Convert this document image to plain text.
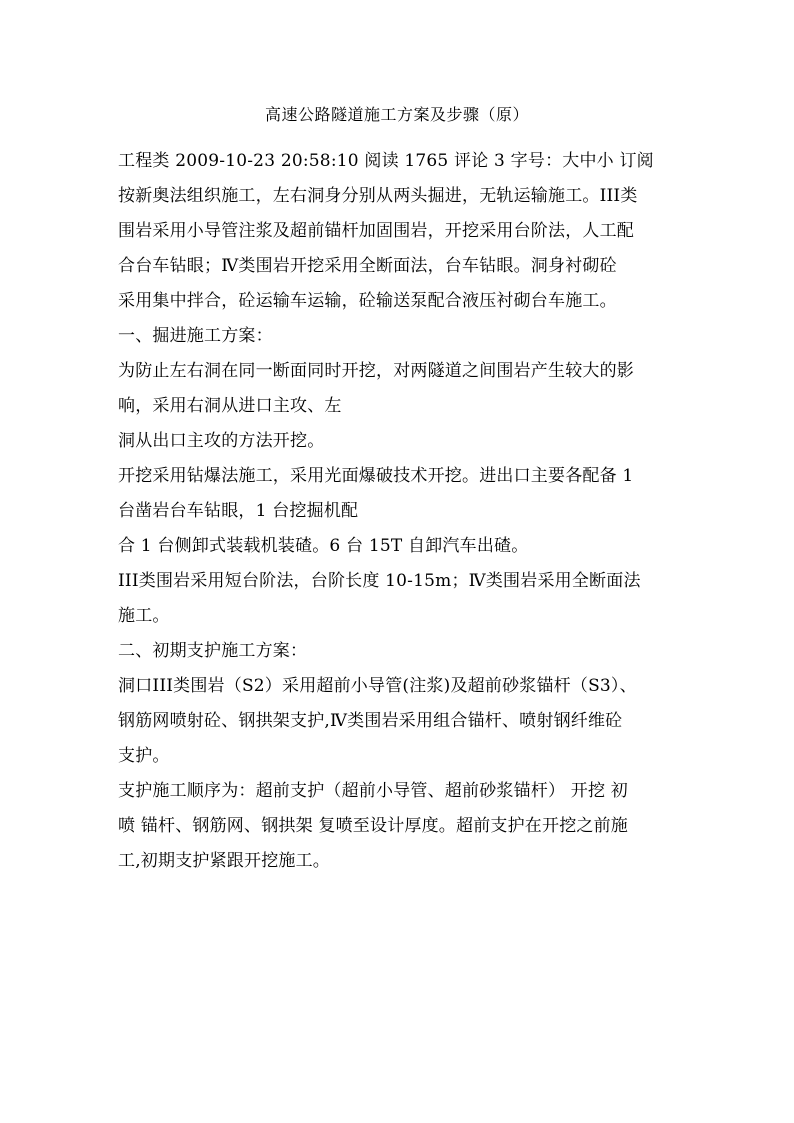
高速公路隧道施工方案及步骤（原）
工程类 2009-10-23 20:58:10 阅读 1765 评论 3 字号：大中小 订阅
按新奥法组织施工，左右洞身分别从两头掘进，无轨运输施工。III类
围岩采用小导管注浆及超前锚杆加固围岩，开挖采用台阶法，人工配
合台车钻眼；Ⅳ类围岩开挖采用全断面法，台车钻眼。洞身衬砌砼
采用集中拌合，砼运输车运输，砼输送泵配合液压衬砌台车施工。
一、掘进施工方案：
为防止左右洞在同一断面同时开挖，对两隧道之间围岩产生较大的影
响，采用右洞从进口主攻、左
洞从出口主攻的方法开挖。
开挖采用钻爆法施工，采用光面爆破技术开挖。进出口主要各配备 1
台凿岩台车钻眼，1 台挖掘机配
合 1 台侧卸式装载机装碴。6 台 15T 自卸汽车出碴。
III类围岩采用短台阶法，台阶长度 10-15m；Ⅳ类围岩采用全断面法
施工。
二、初期支护施工方案：
洞口III类围岩（S2）采用超前小导管(注浆)及超前砂浆锚杆（S3）、
钢筋网喷射砼、钢拱架支护,Ⅳ类围岩采用组合锚杆、喷射钢纤维砼
支护。
支护施工顺序为：超前支护（超前小导管、超前砂浆锚杆） 开挖 初
喷 锚杆、钢筋网、钢拱架 复喷至设计厚度。超前支护在开挖之前施
工,初期支护紧跟开挖施工。
